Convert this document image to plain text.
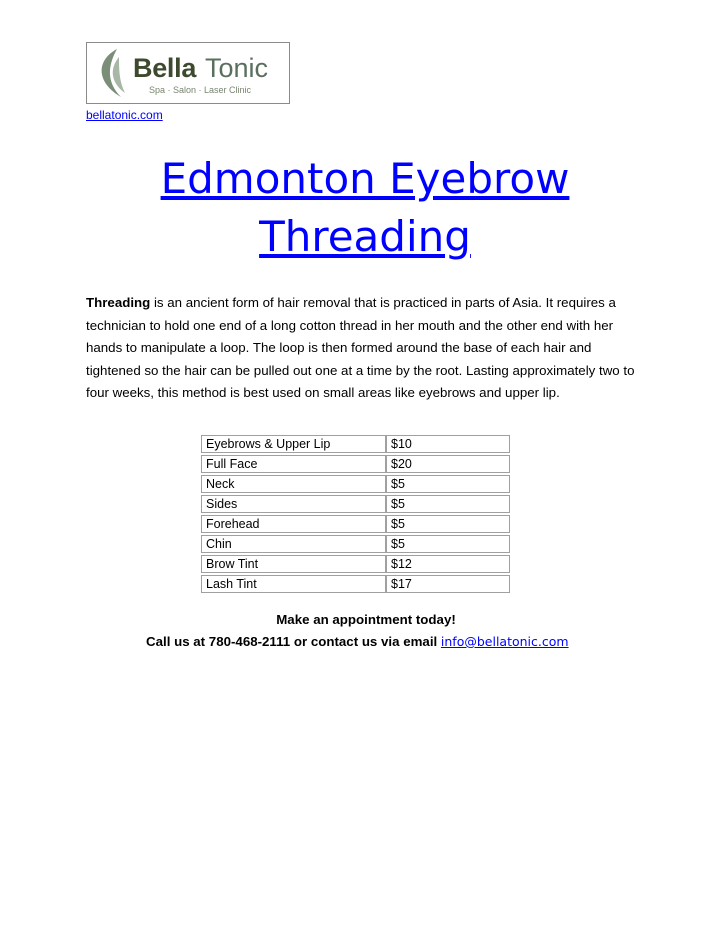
Bella Tonic
Spa · Salon · Laser Clinic
bellatonic.com
Edmonton Eyebrow Threading

Threading is an ancient form of hair removal that is practiced in parts of Asia. It requires a technician to hold one end of a long cotton thread in her mouth and the other end with her hands to manipulate a loop. The loop is then formed around the base of each hair and tightened so the hair can be pulled out one at a time by the root. Lasting approximately two to four weeks, this method is best used on small areas like eyebrows and upper lip.

Eyebrows & Upper Lip	$10
Full Face	$20
Neck	$5
Sides	$5
Forehead	$5
Chin	$5
Brow Tint	$12
Lash Tint	$17
Make an appointment today!
Call us at 780-468-2111 or contact us via email info@bellatonic.com
